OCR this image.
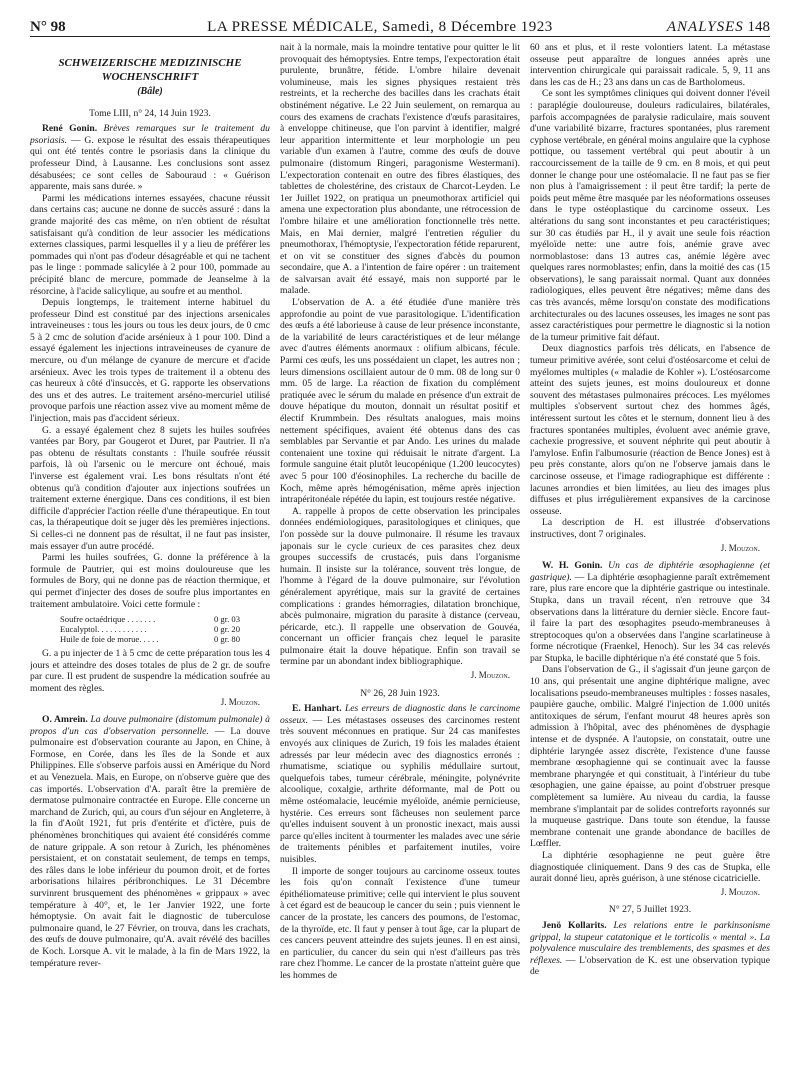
N° 98	LA PRESSE MÉDICALE, Samedi, 8 Décembre 1923	ANALYSES 148
SCHWEIZERISCHE MEDIZINISCHE WOCHENSCHRIFT
(Bâle)
Tome LIII, n° 24, 14 Juin 1923.

René Gonin. Brèves remarques sur le traitement du psoriasis. — G. expose le résultat des essais thérapeutiques qui ont été tentés contre le psoriasis dans la clinique du professeur Dind, à Lausanne. Les conclusions sont assez désabusées; ce sont celles de Sabouraud : « Guérison apparente, mais sans durée. »

Parmi les médications internes essayées, chacune réussit dans certains cas; aucune ne donne de succès assuré : dans la grande majorité des cas même, on n'en obtient de résultat satisfaisant qu'à condition de leur associer les médications externes classiques, parmi lesquelles il y a lieu de préférer les pommades qui n'ont pas d'odeur désagréable et qui ne tachent pas le linge : pommade salicylée à 2 pour 100, pommade au précipité blanc de mercure, pommade de Jeanselme à la résorcine, à l'acide salicylique, au soufre et au menthol.

Depuis longtemps, le traitement interne habituel du professeur Dind est constitué par des injections arsenicales intraveineuses : tous les jours ou tous les deux jours, de 0 cmc 5 à 2 cmc de solution d'acide arsénieux à 1 pour 100. Dind a essayé également les injections intraveineuses de cyanure de mercure, ou d'un mélange de cyanure de mercure et d'acide arsénieux. Avec les trois types de traitement il a obtenu des cas heureux à côté d'insuccès, et G. rapporte les observations des uns et des autres. Le traitement arséno-mercuriel utilisé provoque parfois une réaction assez vive au moment même de l'injection, mais pas d'accident sérieux.

G. a essayé également chez 8 sujets les huiles soufrées vantées par Bory, par Gougerot et Duret, par Pautrier. Il n'a pas obtenu de résultats constants : l'huile soufrée réussit parfois, là où l'arsenic ou le mercure ont échoué, mais l'inverse est également vrai. Les bons résultats n'ont été obtenus qu'à condition d'ajouter aux injections soufrées un traitement externe énergique. Dans ces conditions, il est bien difficile d'apprécier l'action réelle d'une thérapeutique. En tout cas, la thérapeutique doit se juger dès les premières injections. Si celles-ci ne donnent pas de résultat, il ne faut pas insister, mais essayer d'un autre procédé.

Parmi les huiles soufrées, G. donne la préférence à la formule de Pautrier, qui est moins douloureuse que les formules de Bory, qui ne donne pas de réaction thermique, et qui permet d'injecter des doses de soufre plus importantes en traitement ambulatoire. Voici cette formule :

Soufre octaédrique . . . . . . .	0 gr. 03
Eucalyptol. . . . . . . . . . . .	0 gr. 20
Huile de foie de morue. . . . .	0 gr. 80

G. a pu injecter de 1 à 5 cmc de cette préparation tous les 4 jours et atteindre des doses totales de plus de 2 gr. de soufre par cure. Il est prudent de suspendre la médication soufrée au moment des règles.

J. Mouzon.

O. Amrein. La douve pulmonaire (distomum pulmonale) à propos d'un cas d'observation personnelle. — La douve pulmonaire est d'observation courante au Japon, en Chine, à Formose, en Corée, dans les îles de la Sonde et aux Philippines. Elle s'observe parfois aussi en Amérique du Nord et au Venezuela. Mais, en Europe, on n'observe guère que des cas importés. L'observation d'A. paraît être la première de dermatose pulmonaire contractée en Europe. Elle concerne un marchand de Zurich, qui, au cours d'un séjour en Angleterre, à la fin d'Août 1921, fut pris d'entérite et d'ictère, puis de phénomènes bronchitiques qui avaient été considérés comme de nature grippale. A son retour à Zurich, les phénomènes persistaient, et on constatait seulement, de temps en temps, des râles dans le lobe inférieur du poumon droit, et de fortes arborisations hilaires péribronchiques. Le 31 Décembre survinrent brusquement des phénomènes « grippaux » avec température à 40°, et, le 1er Janvier 1922, une forte hémoptysie. On avait fait le diagnostic de tuberculose pulmonaire quand, le 27 Février, on trouva, dans les crachats, des œufs de douve pulmonaire, qu'A. avait révélé des bacilles de Koch. Lorsque A. vit le malade, à la fin de Mars 1922, la température rever-

nait à la normale, mais la moindre tentative pour quitter le lit provoquait des hémoptysies. Entre temps, l'expectoration était purulente, brunâtre, fétide. L'ombre hilaire devenait volumineuse, mais les signes physiques restaient très restreints, et la recherche des bacilles dans les crachats était obstinément négative. Le 22 Juin seulement, on remarqua au cours des examens de crachats l'existence d'œufs parasitaires, à enveloppe chitineuse, que l'on parvint à identifier, malgré leur apparition intermittente et leur morphologie un peu variable d'un examen à l'autre, comme des œufs de douve pulmonaire (distomum Ringeri, paragonisme Westermani). L'expectoration contenait en outre des fibres élastiques, des tablettes de cholestérine, des cristaux de Charcot-Leyden. Le 1er Juillet 1922, on pratiqua un pneumothorax artificiel qui amena une expectoration plus abondante, une rétrocession de l'ombre hilaire et une amélioration fonctionnelle très nette. Mais, en Mai dernier, malgré l'entretien régulier du pneumothorax, l'hémoptysie, l'expectoration fétide reparurent, et on vit se constituer des signes d'abcès du poumon secondaire, que A. a l'intention de faire opérer : un traitement de salvarsan avait été essayé, mais non supporté par le malade.

L'observation de A. a été étudiée d'une manière très approfondie au point de vue parasitologique. L'identification des œufs a été laborieuse à cause de leur présence inconstante, de la variabilité de leurs caractéristiques et de leur mélange avec d'autres éléments anormaux : olifium albicans, fécule. Parmi ces œufs, les uns possédaient un clapet, les autres non ; leurs dimensions oscillaient autour de 0 mm. 08 de long sur 0 mm. 05 de large. La réaction de fixation du complément pratiquée avec le sérum du malade en présence d'un extrait de douve hépatique du mouton, donnait un résultat positif et électif Krummbein. Des résultats analogues, mais moins nettement spécifiques, avaient été obtenus dans des cas semblables par Servantie et par Ando. Les urines du malade contenaient une toxine qui réduisait le nitrate d'argent. La formule sanguine était plutôt leucopénique (1.200 leucocytes) avec 5 pour 100 d'éosinophiles. La recherche du bacille de Koch, même après hémogénisation, même après injection intrapéritonéale répétée du lapin, est toujours restée négative.

A. rappelle à propos de cette observation les principales données endémiologiques, parasitologiques et cliniques, que l'on possède sur la douve pulmonaire. Il résume les travaux japonais sur le cycle curieux de ces parasites chez deux groupes successifs de crustacés, puis dans l'organisme humain. Il insiste sur la tolérance, souvent très longue, de l'homme à l'égard de la douve pulmonaire, sur l'évolution généralement apyrétique, mais sur la gravité de certaines complications : grandes hémorragies, dilatation bronchique, abcès pulmonaire, migration du parasite à distance (cerveau, péricarde, etc.). Il rappelle une observation de Gouvéa, concernant un officier français chez lequel le parasite pulmonaire était la douve hépatique. Enfin son travail se termine par un abondant index bibliographique.

J. Mouzon.
N° 26, 28 Juin 1923.

E. Hanhart. Les erreurs de diagnostic dans le carcinome osseux. — Les métastases osseuses des carcinomes restent très souvent méconnues en pratique. Sur 24 cas manifestes envoyés aux cliniques de Zurich, 19 fois les malades étaient adressés par leur médecin avec des diagnostics erronés : rhumatisme, sciatique ou syphilis médullaire surtout, quelquefois tabes, tumeur cérébrale, méningite, polynévrite alcoolique, coxalgie, arthrite déformante, mal de Pott ou même ostéomalacie, leucémie myéloïde, anémie pernicieuse, hystérie. Ces erreurs sont fâcheuses non seulement parce qu'elles induisent souvent à un pronostic inexact, mais aussi parce qu'elles incitent à tourmenter les malades avec une série de traitements pénibles et parfaitement inutiles, voire nuisibles.

Il importe de songer toujours au carcinome osseux toutes les fois qu'on connaît l'existence d'une tumeur épithéliomateuse primitive; celle qui intervient le plus souvent à cet égard est de beaucoup le cancer du sein ; puis viennent le cancer de la prostate, les cancers des poumons, de l'estomac, de la thyroïde, etc. Il faut y penser à tout âge, car la plupart de ces cancers peuvent atteindre des sujets jeunes. Il en est ainsi, en particulier, du cancer du sein qui n'est d'ailleurs pas très rare chez l'homme. Le cancer de la prostate n'atteint guère que les hommes de

60 ans et plus, et il reste volontiers latent. La métastase osseuse peut apparaître de longues années après une intervention chirurgicale qui paraissait radicale. 5, 9, 11 ans dans les cas de H.; 23 ans dans un cas de Bartholomeus.

Ce sont les symptômes cliniques qui doivent donner l'éveil : paraplégie douloureuse, douleurs radiculaires, bilatérales, parfois accompagnées de paralysie radiculaire, mais souvent d'une variabilité bizarre, fractures spontanées, plus rarement cyphose vertébrale, en général moins angulaire que la cyphose pottique, ou tassement vertébral qui peut aboutir à un raccourcissement de la taille de 9 cm. en 8 mois, et qui peut donner le change pour une ostéomalacie. Il ne faut pas se fier non plus à l'amaigrissement : il peut être tardif; la perte de poids peut même être masquée par les néoformations osseuses dans le type ostéoplastique du carcinome osseux. Les altérations du sang sont inconstantes et peu caractéristiques; sur 30 cas étudiés par H., il y avait une seule fois réaction myéloïde nette: une autre fois, anémie grave avec normoblastose: dans 13 autres cas, anémie légère avec quelques rares normoblastes; enfin, dans la moitié des cas (15 observations), le sang paraissait normal. Quant aux données radiologiques, elles peuvent être négatives; même dans des cas très avancés, même lorsqu'on constate des modifications architecturales ou des lacunes osseuses, les images ne sont pas assez caractéristiques pour permettre le diagnostic si la notion de la tumeur primitive fait défaut.

Deux diagnostics parfois très délicats, en l'absence de tumeur primitive avérée, sont celui d'ostéosarcome et celui de myélomes multiples (« maladie de Kohler »). L'ostéosarcome atteint des sujets jeunes, est moins douloureux et donne souvent des métastases pulmonaires précoces. Les myélomes multiples s'observent surtout chez des hommes âgés, intéressent surtout les côtes et le sternum, donnent lieu à des fractures spontanées multiples, évoluent avec anémie grave, cachexie progressive, et souvent néphrite qui peut aboutir à l'amylose. Enfin l'albumosurie (réaction de Bence Jones) est à peu près constante, alors qu'on ne l'observe jamais dans le carcinose osseuse, et l'image radiographique est différente : lacunes arrondies et bien limitées, au lieu des images plus diffuses et plus irrégulièrement expansives de la carcinose osseuse.

La description de H. est illustrée d'observations instructives, dont 7 originales.

J. Mouzon.

W. H. Gonin. Un cas de diphtérie œsophagienne (et gastrique). — La diphtérie œsophagienne paraît extrêmement rare, plus rare encore que la diphtérie gastrique ou intestinale. Stupka, dans un travail récent, n'en retrouve que 34 observations dans la littérature du dernier siècle. Encore faut-il faire la part des œsophagites pseudo-membraneuses à streptocoques qu'on a observées dans l'angine scarlatineuse à forme nécrotique (Fraenkel, Henoch). Sur les 34 cas relevés par Stupka, le bacille diphtérique n'a été constaté que 5 fois.

Dans l'observation de G., il s'agissait d'un jeune garçon de 10 ans, qui présentait une angine diphtérique maligne, avec localisations pseudo-membraneuses multiples : fosses nasales, paupière gauche, ombilic. Malgré l'injection de 1.000 unités antitoxiques de sérum, l'enfant mourut 48 heures après son admission à l'hôpital, avec des phénomènes de dysphagie intense et de dyspnée. A l'autopsie, on constatait, outre une diphtérie laryngée assez discrète, l'existence d'une fausse membrane œsophagienne qui se continuait avec la fausse membrane pharyngée et qui constituait, à l'intérieur du tube œsophagien, une gaine épaisse, au point d'obstruer presque complètement sa lumière. Au niveau du cardia, la fausse membrane s'implantait par de solides contreforts rayonnés sur la muqueuse gastrique. Dans toute son étendue, la fausse membrane contenait une grande abondance de bacilles de Lœffler.

La diphtérie œsophagienne ne peut guère être diagnostiquée cliniquement. Dans 9 des cas de Stupka, elle aurait donné lieu, après guérison, à une sténose cicatricielle.

J. Mouzon.
N° 27, 5 Juillet 1923.

Jenö Kollarits. Les relations entre le parkinsonisme grippal, la stupeur catatonique et le torticolis « mental ». La polyvalence musculaire des tremblements, des spasmes et des réflexes. — L'observation de K. est une observation typique de
